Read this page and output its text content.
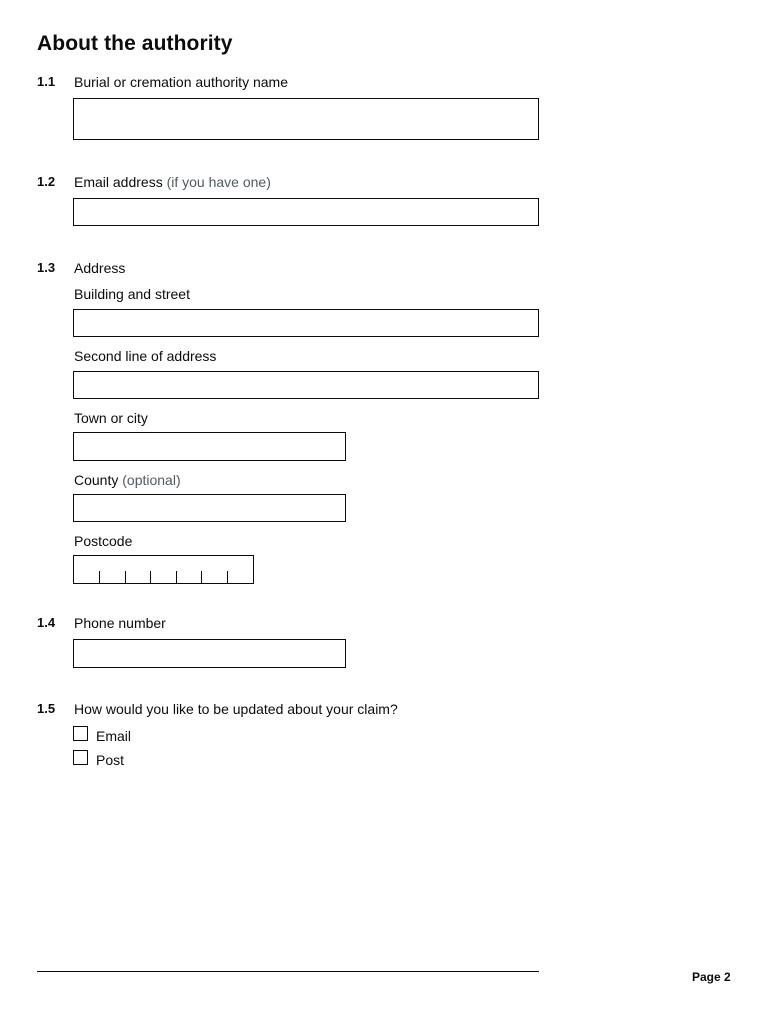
About the authority
1.1 Burial or cremation authority name
1.2 Email address (if you have one)
1.3 Address
Building and street
Second line of address
Town or city
County (optional)
Postcode
1.4 Phone number
1.5 How would you like to be updated about your claim?
Email
Post
Page 2
